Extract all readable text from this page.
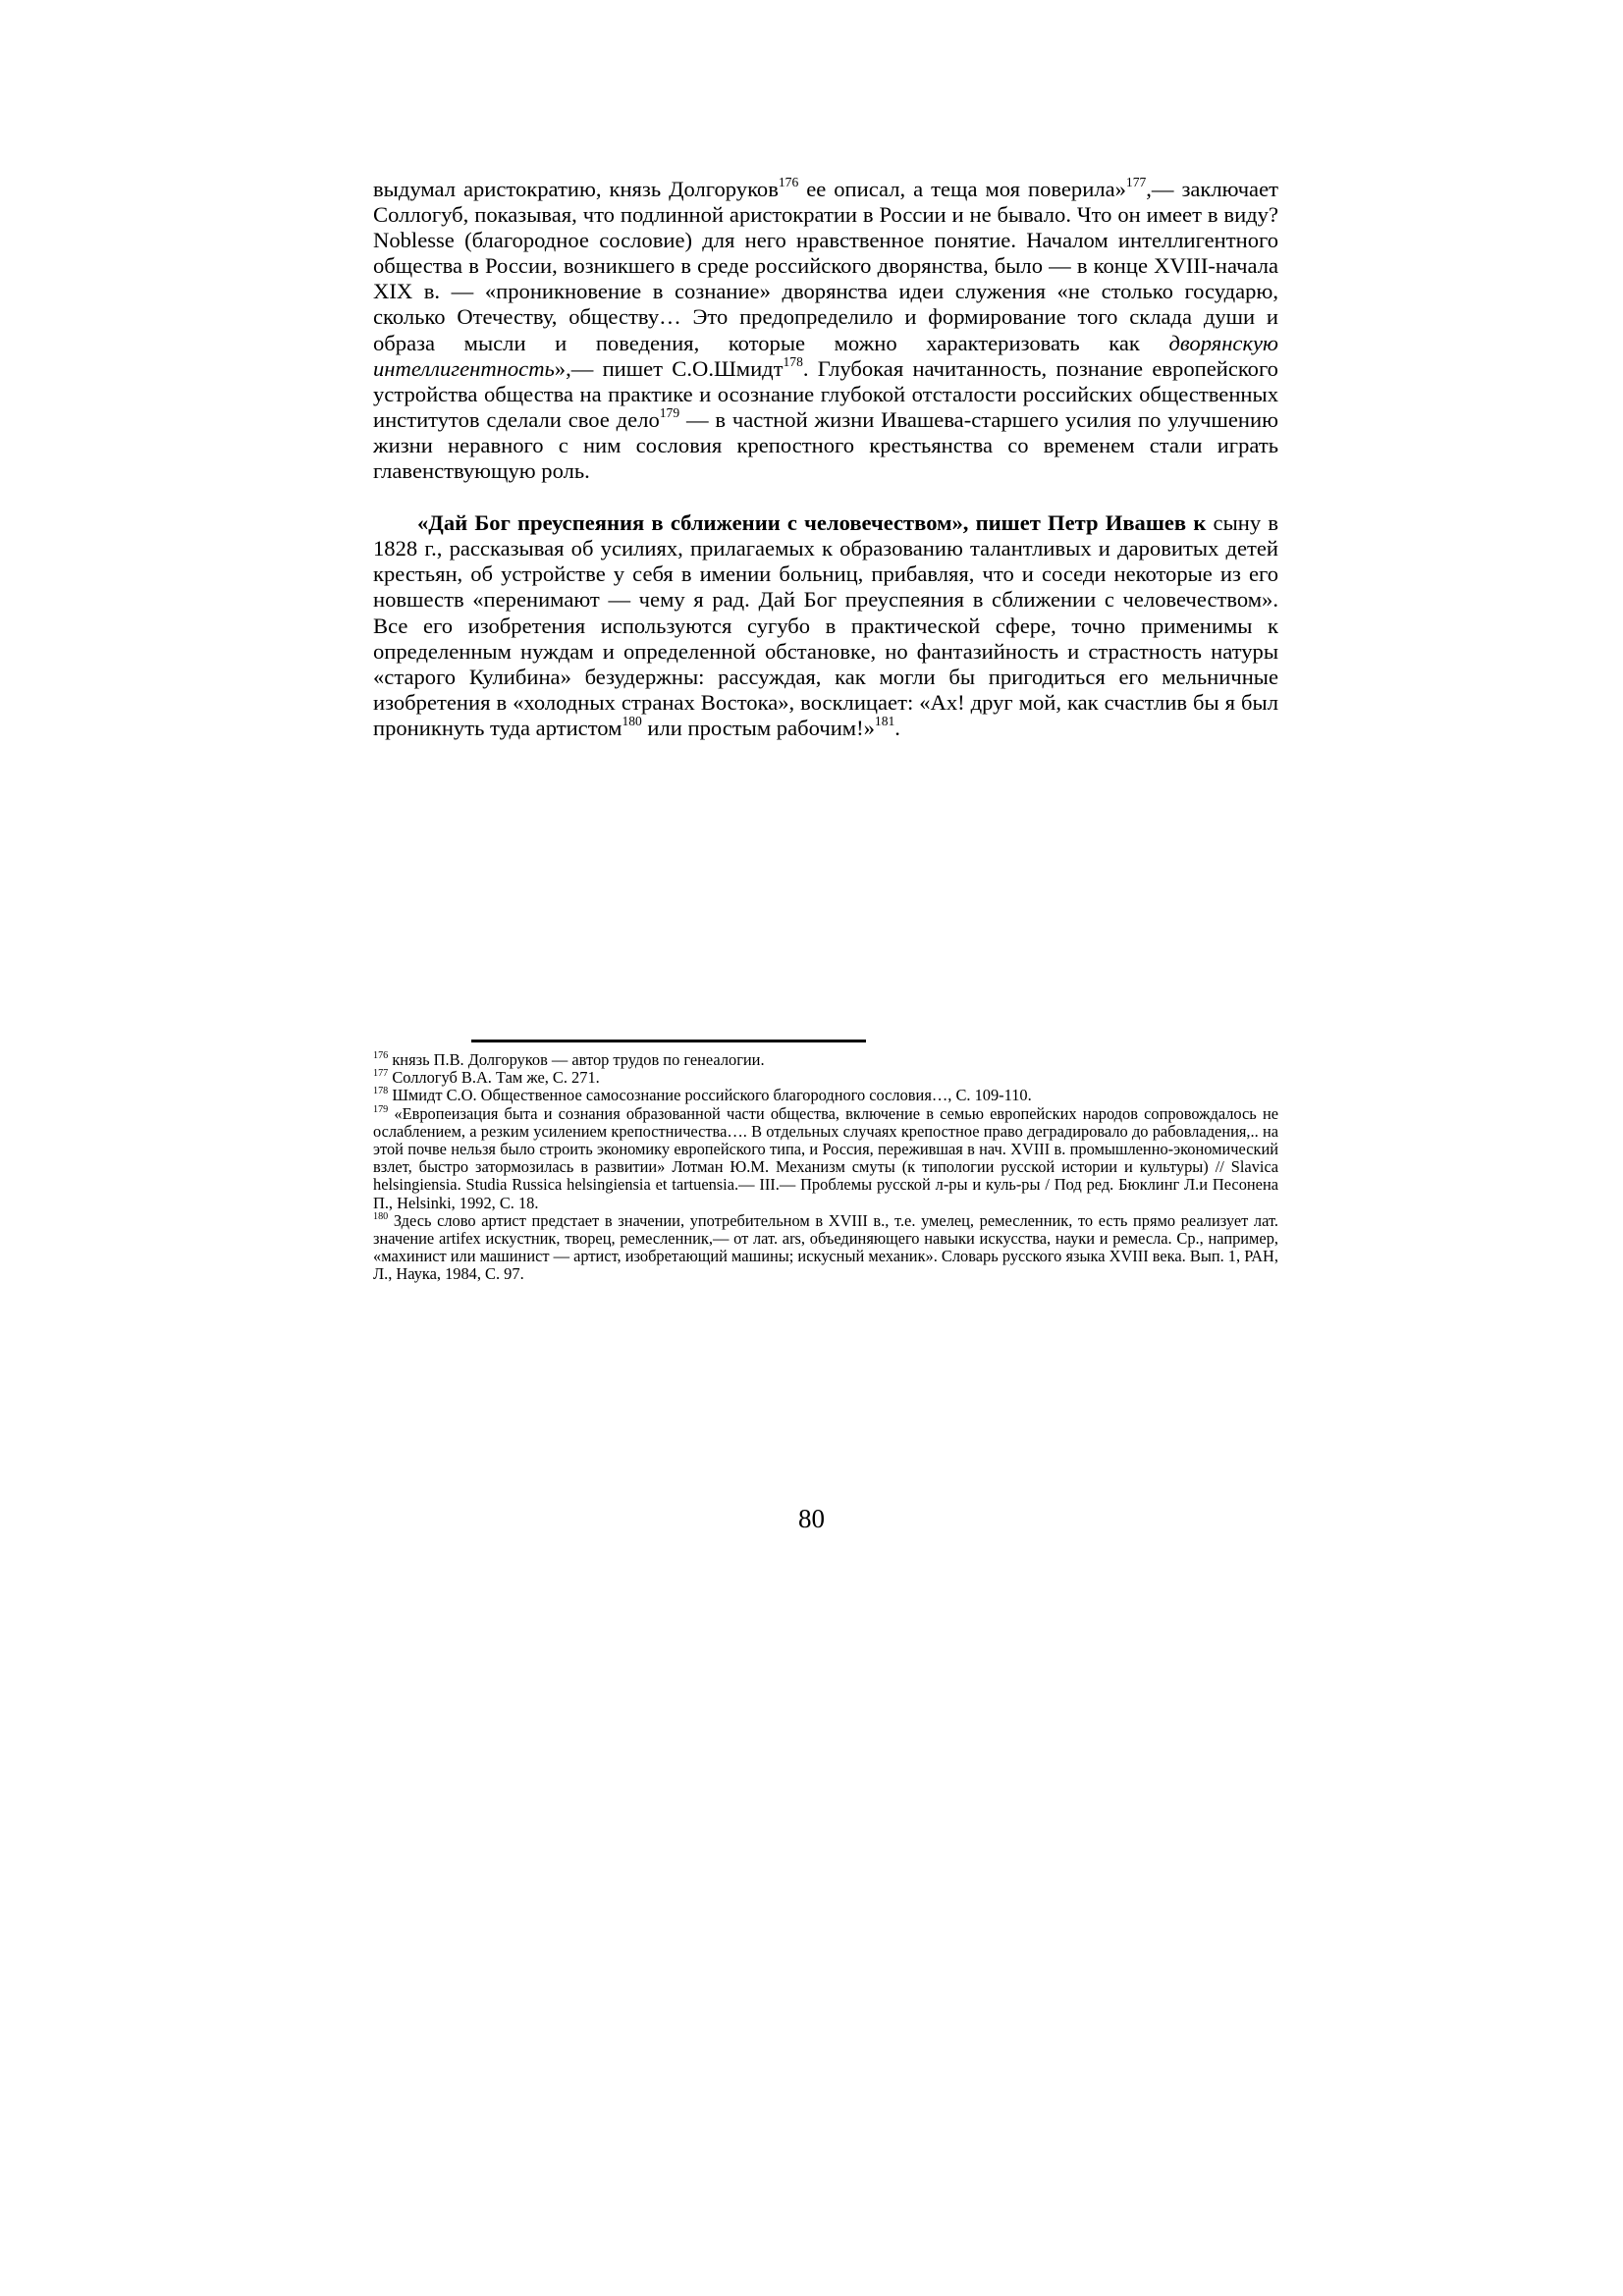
выдумал аристократию, князь Долгоруков$^{176}$ ее описал, а теща моя поверила»$^{177}$,— заключает Соллогуб, показывая, что подлинной аристократии в России и не бывало. Что он имеет в виду? Noblesse (благородное сословие) для него нравственное понятие. Началом интеллигентного общества в России, возникшего в среде российского дворянства, было — в конце XVIII-начала XIX в. — «проникновение в сознание» дворянства идеи служения «не столько государю, сколько Отечеству, обществу… Это предопределило и формирование того склада души и образа мысли и поведения, которые можно характеризовать как дворянскую интеллигентность»,— пишет С.О.Шмидт$^{178}$. Глубокая начитанность, познание европейского устройства общества на практике и осознание глубокой отсталости российских общественных институтов сделали свое дело$^{179}$ — в частной жизни Ивашева-старшего усилия по улучшению жизни неравного с ним сословия крепостного крестьянства со временем стали играть главенствующую роль.

«Дай Бог преуспеяния в сближении с человечеством», пишет Петр Ивашев к сыну в 1828 г., рассказывая об усилиях, прилагаемых к образованию талантливых и даровитых детей крестьян, об устройстве у себя в имении больниц, прибавляя, что и соседи некоторые из его новшеств «перенимают — чему я рад. Дай Бог преуспеяния в сближении с человечеством». Все его изобретения используются сугубо в практической сфере, точно применимы к определенным нуждам и определенной обстановке, но фантазийность и страстность натуры «старого Кулибина» безудержны: рассуждая, как могли бы пригодиться его мельничные изобретения в «холодных странах Востока», восклицает: «Ах! друг мой, как счастлив бы я был проникнуть туда артистом$^{180}$ или простым рабочим!»$^{181}$.

$^{176}$ князь П.В. Долгоруков — автор трудов по генеалогии.

$^{177}$ Соллогуб В.А. Там же, С. 271.

$^{178}$ Шмидт С.О. Общественное самосознание российского благородного сословия…, С. 109-110.

$^{179}$ «Европеизация быта и сознания образованной части общества, включение в семью европейских народов сопровождалось не ослаблением, а резким усилением крепостничества…. В отдельных случаях крепостное право деградировало до рабовладения,.. на этой почве нельзя было строить экономику европейского типа, и Россия, пережившая в нач. XVIII в. промышленно-экономический взлет, быстро затормозилась в развитии» Лотман Ю.М. Механизм смуты (к типологии русской истории и культуры) // Slavica helsingiensia. Studia Russica helsingiensia et tartuensia.— III.— Проблемы русской л-ры и куль-ры / Под ред. Бюклинг Л.и Песонена П., Helsinki, 1992, С. 18.

$^{180}$ Здесь слово артист предстает в значении, употребительном в XVIII в., т.е. умелец, ремесленник, то есть прямо реализует лат. значение artifex искустник, творец, ремесленник,— от лат. ars, объединяющего навыки искусства, науки и ремесла. Ср., например, «махинист или машинист — артист, изобретающий машины; искусный механик». Словарь русского языка XVIII века. Вып. 1, РАН, Л., Наука, 1984, С. 97.

80
